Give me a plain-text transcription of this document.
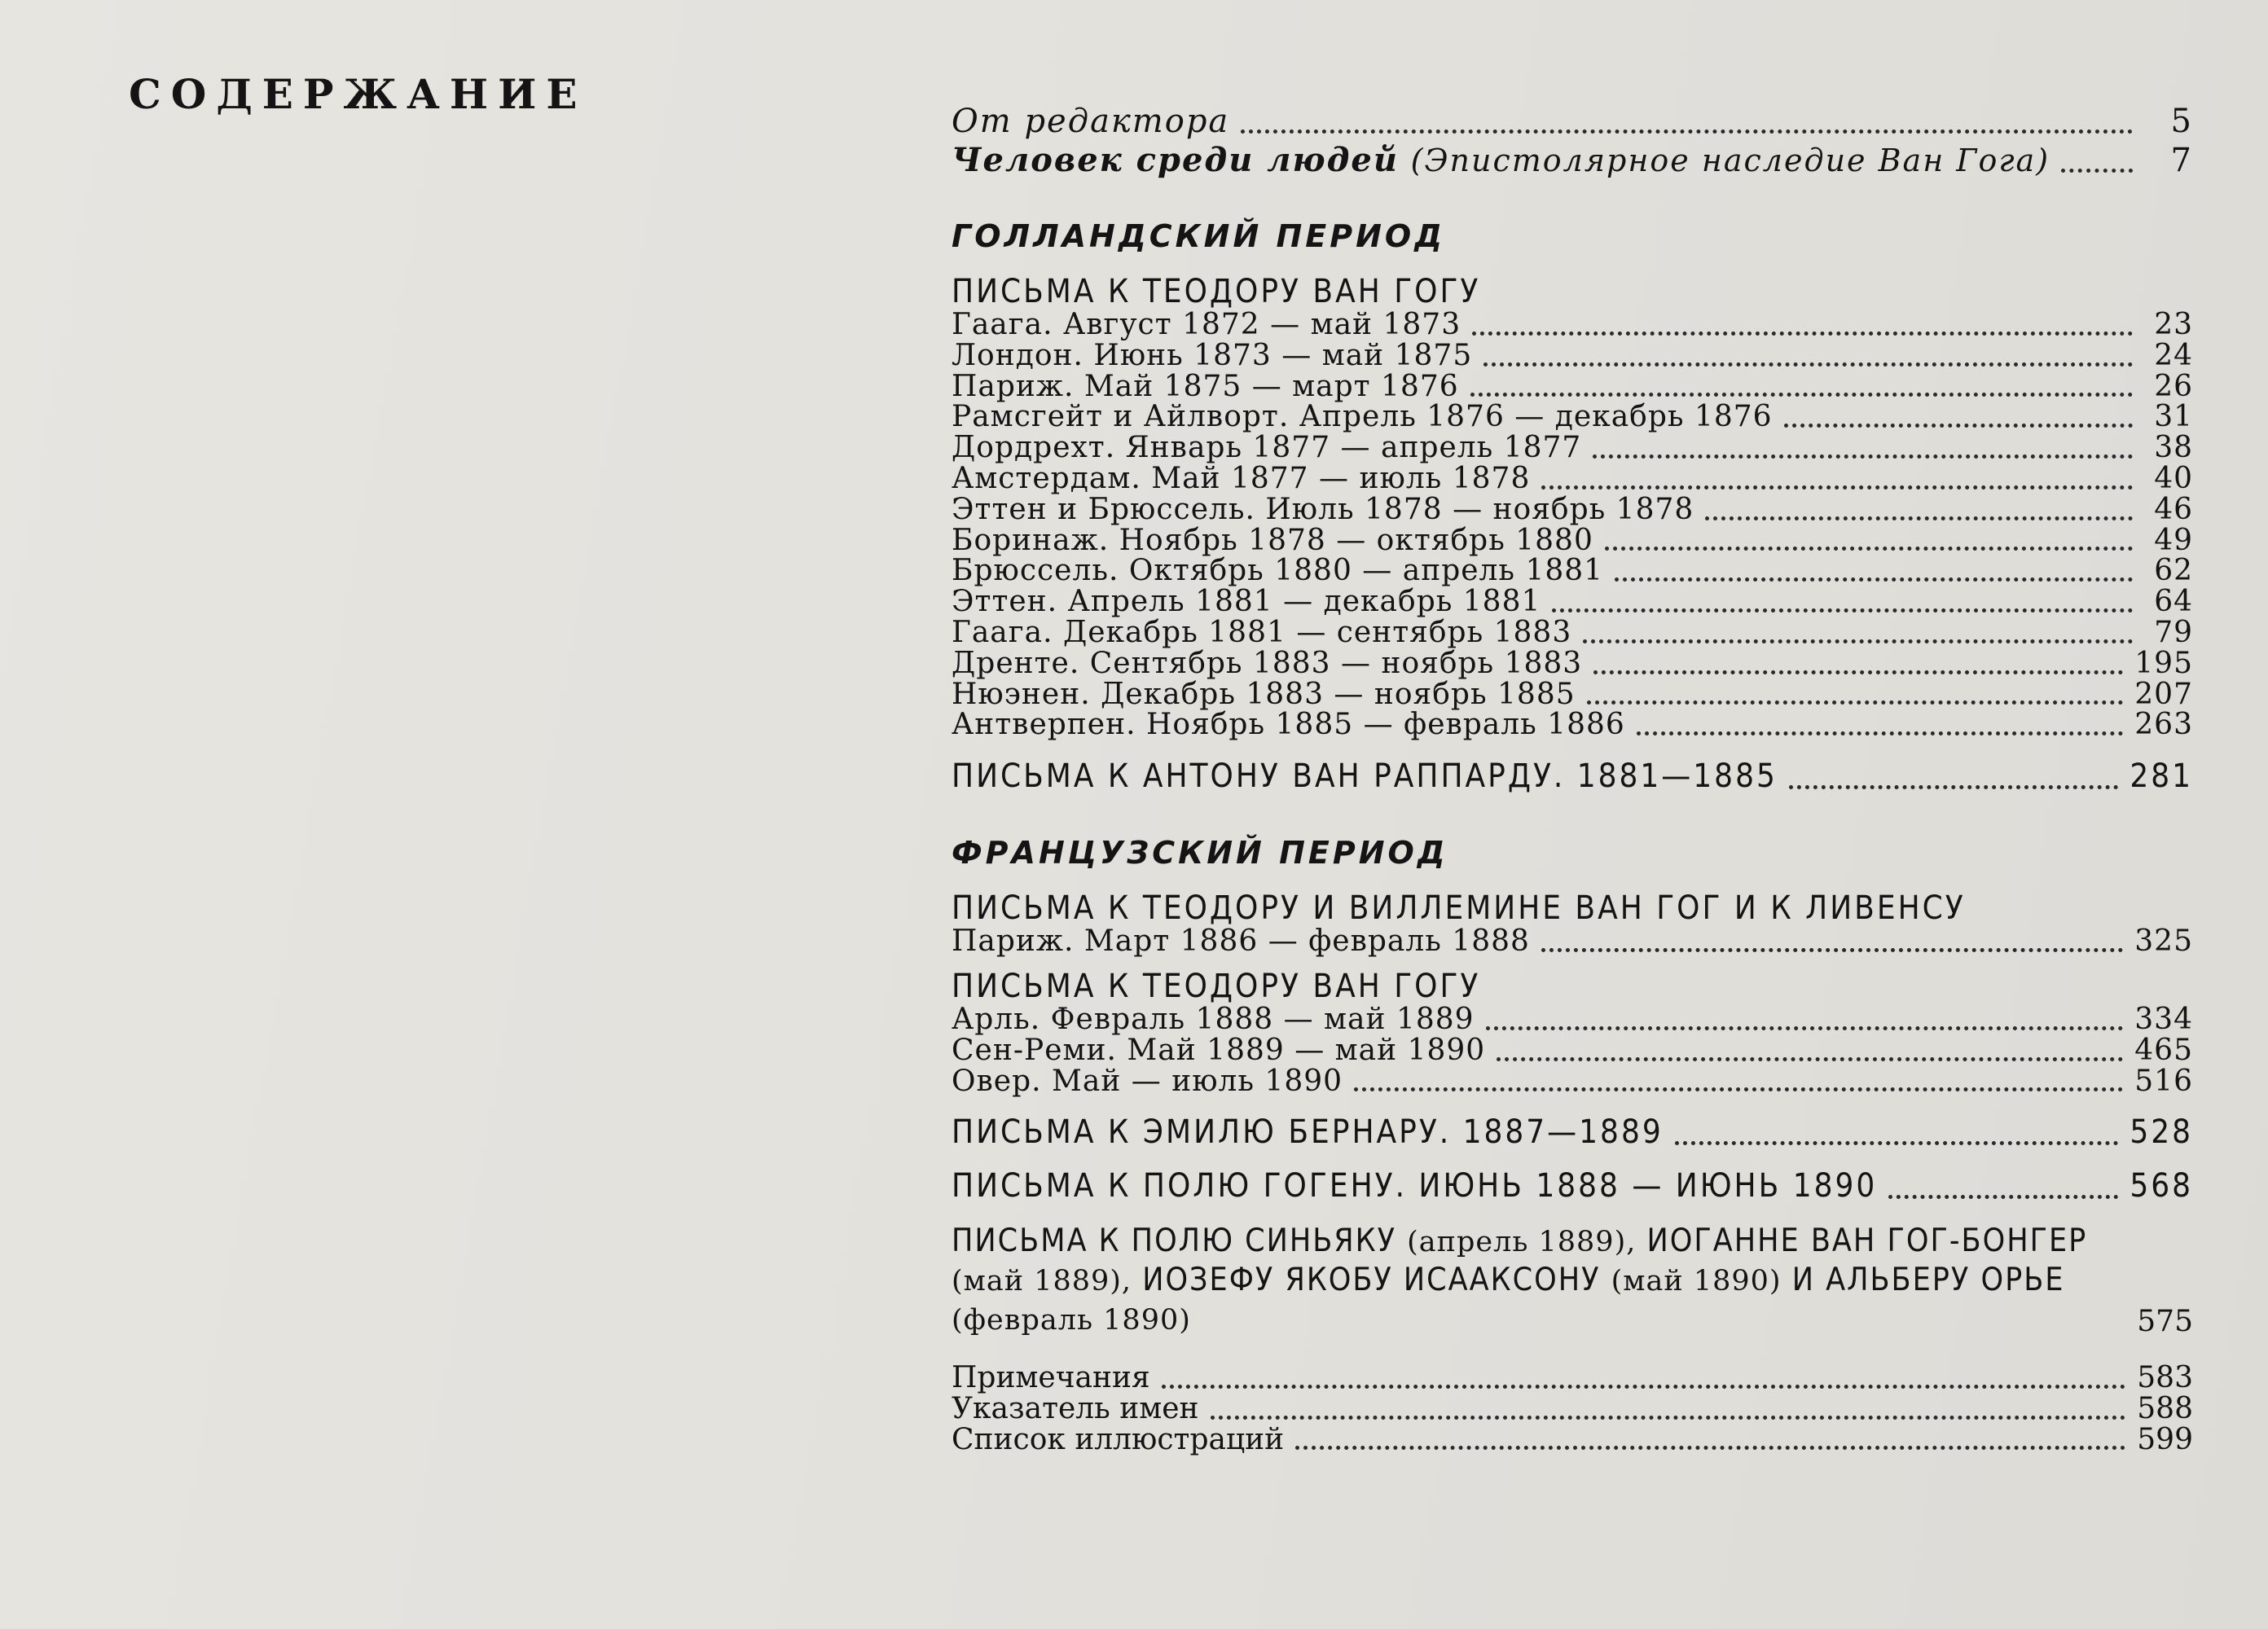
СОДЕРЖАНИЕ
От редактора	5
Человек среди людей (Эпистолярное наследие Ван Гога)	7
ГОЛЛАНДСКИЙ ПЕРИОД
ПИСЬМА К ТЕОДОРУ ВАН ГОГУ
Гаага. Август 1872 — май 1873	23
Лондон. Июнь 1873 — май 1875	24
Париж. Май 1875 — март 1876	26
Рамсгейт и Айлворт. Апрель 1876 — декабрь 1876	31
Дордрехт. Январь 1877 — апрель 1877	38
Амстердам. Май 1877 — июль 1878	40
Эттен и Брюссель. Июль 1878 — ноябрь 1878	46
Боринаж. Ноябрь 1878 — октябрь 1880	49
Брюссель. Октябрь 1880 — апрель 1881	62
Эттен. Апрель 1881 — декабрь 1881	64
Гаага. Декабрь 1881 — сентябрь 1883	79
Дренте. Сентябрь 1883 — ноябрь 1883	195
Нюэнен. Декабрь 1883 — ноябрь 1885	207
Антверпен. Ноябрь 1885 — февраль 1886	263
ПИСЬМА К АНТОНУ ВАН РАППАРДУ. 1881—1885	281
ФРАНЦУЗСКИЙ ПЕРИОД
ПИСЬМА К ТЕОДОРУ И ВИЛЛЕМИНЕ ВАН ГОГ И К ЛИВЕНСУ
Париж. Март 1886 — февраль 1888	325
ПИСЬМА К ТЕОДОРУ ВАН ГОГУ
Арль. Февраль 1888 — май 1889	334
Сен-Реми. Май 1889 — май 1890	465
Овер. Май — июль 1890	516
ПИСЬМА К ЭМИЛЮ БЕРНАРУ. 1887—1889	528
ПИСЬМА К ПОЛЮ ГОГЕНУ. ИЮНЬ 1888 — ИЮНЬ 1890	568
ПИСЬМА К ПОЛЮ СИНЬЯКУ (апрель 1889), ИОГАННЕ ВАН ГОГ-БОНГЕР (май 1889), ИОЗЕФУ ЯКОБУ ИСААКСОНУ (май 1890) И АЛЬБЕРУ ОРЬЕ (февраль 1890)	575
Примечания	583
Указатель имен	588
Список иллюстраций	599
